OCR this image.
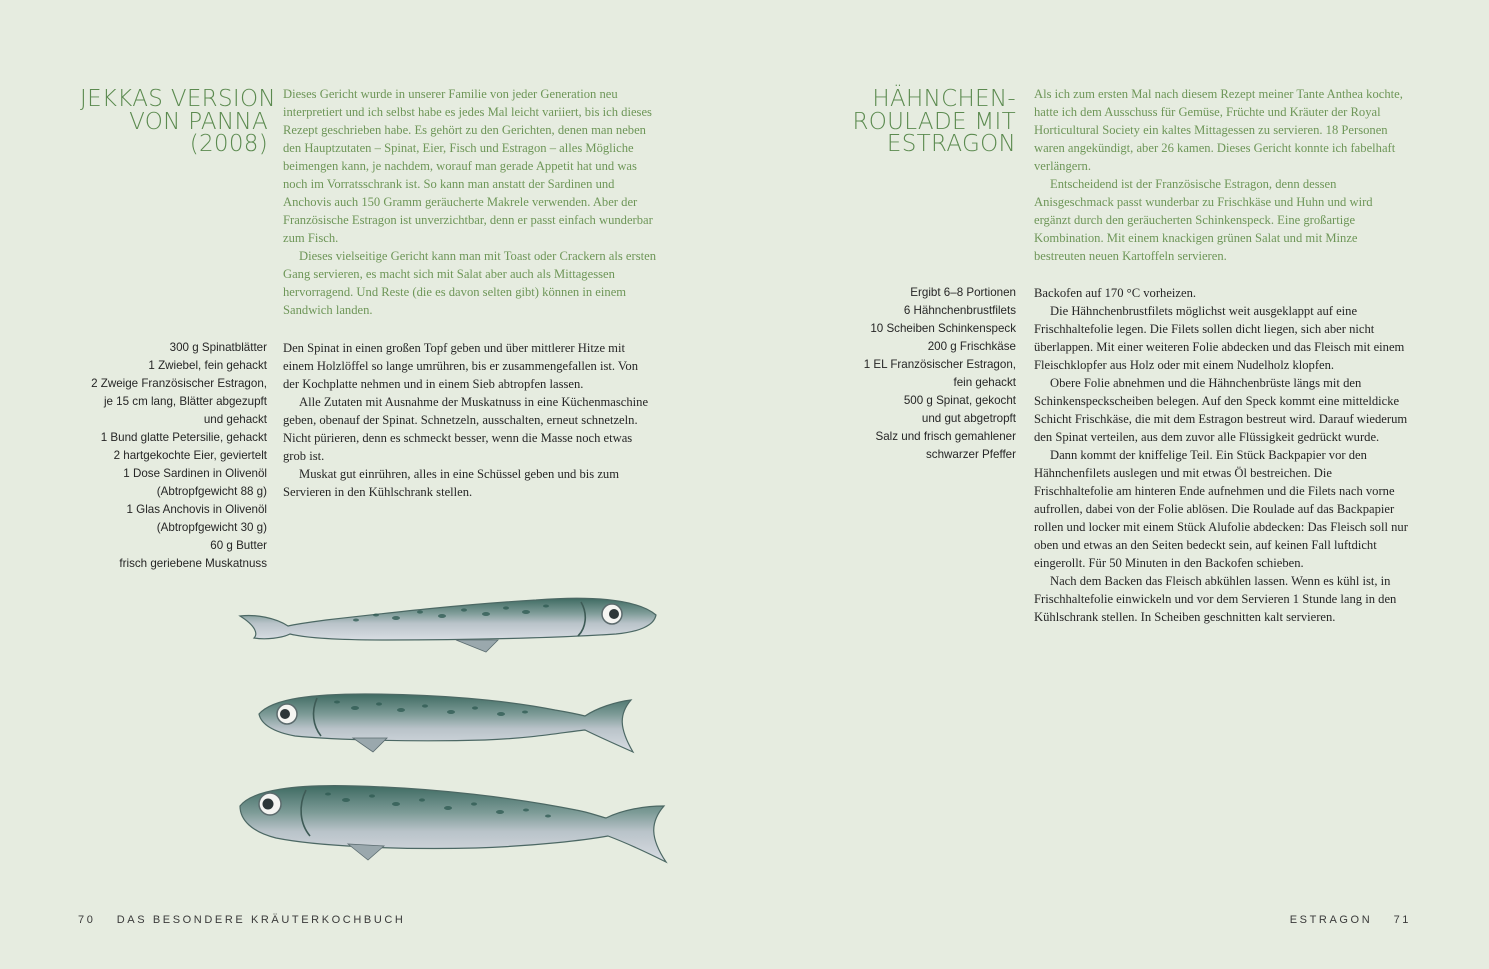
JEKKAS VERSION
VON PANNA
(2008)

Dieses Gericht wurde in unserer Familie von jeder Generation neu interpretiert und ich selbst habe es jedes Mal leicht variiert, bis ich dieses Rezept geschrieben habe. Es gehört zu den Gerichten, denen man neben den Hauptzutaten – Spinat, Eier, Fisch und Estragon – alles Mögliche beimengen kann, je nachdem, worauf man gerade Appetit hat und was noch im Vorratsschrank ist. So kann man anstatt der Sardinen und Anchovis auch 150 Gramm geräucherte Makrele verwenden. Aber der Französische Estragon ist unverzichtbar, denn er passt einfach wunderbar zum Fisch.

Dieses vielseitige Gericht kann man mit Toast oder Crackern als ersten Gang servieren, es macht sich mit Salat aber auch als Mittagessen hervorragend. Und Reste (die es davon selten gibt) können in einem Sandwich landen.

300 g Spinatblätter
1 Zwiebel, fein gehackt
2 Zweige Französischer Estragon,
je 15 cm lang, Blätter abgezupft
und gehackt
1 Bund glatte Petersilie, gehackt
2 hartgekochte Eier, geviertelt
1 Dose Sardinen in Olivenöl
(Abtropfgewicht 88 g)
1 Glas Anchovis in Olivenöl
(Abtropfgewicht 30 g)
60 g Butter
frisch geriebene Muskatnuss

Den Spinat in einen großen Topf geben und über mittlerer Hitze mit einem Holzlöffel so lange umrühren, bis er zusammengefallen ist. Von der Kochplatte nehmen und in einem Sieb abtropfen lassen.

Alle Zutaten mit Ausnahme der Muskatnuss in eine Küchenmaschine geben, obenauf der Spinat. Schnetzeln, ausschalten, erneut schnetzeln. Nicht pürieren, denn es schmeckt besser, wenn die Masse noch etwas grob ist.

Muskat gut einrühren, alles in eine Schüssel geben und bis zum Servieren in den Kühlschrank stellen.

70 DAS BESONDERE KRÄUTERKOCHBUCH
HÄHNCHEN-
ROULADE MIT
ESTRAGON

Als ich zum ersten Mal nach diesem Rezept meiner Tante Anthea kochte, hatte ich dem Ausschuss für Gemüse, Früchte und Kräuter der Royal Horticultural Society ein kaltes Mittagessen zu servieren. 18 Personen waren angekündigt, aber 26 kamen. Dieses Gericht konnte ich fabelhaft verlängern.

Entscheidend ist der Französische Estragon, denn dessen Anisgeschmack passt wunderbar zu Frischkäse und Huhn und wird ergänzt durch den geräucherten Schinkenspeck. Eine großartige Kombination. Mit einem knackigen grünen Salat und mit Minze bestreuten neuen Kartoffeln servieren.

Ergibt 6–8 Portionen
6 Hähnchenbrustfilets
10 Scheiben Schinkenspeck
200 g Frischkäse
1 EL Französischer Estragon,
fein gehackt
500 g Spinat, gekocht
und gut abgetropft
Salz und frisch gemahlener
schwarzer Pfeffer

Backofen auf 170 °C vorheizen.

Die Hähnchenbrustfilets möglichst weit ausgeklappt auf eine Frischhaltefolie legen. Die Filets sollen dicht liegen, sich aber nicht überlappen. Mit einer weiteren Folie abdecken und das Fleisch mit einem Fleischklopfer aus Holz oder mit einem Nudelholz klopfen.

Obere Folie abnehmen und die Hähnchenbrüste längs mit den Schinkenspeckscheiben belegen. Auf den Speck kommt eine mitteldicke Schicht Frischkäse, die mit dem Estragon bestreut wird. Darauf wiederum den Spinat verteilen, aus dem zuvor alle Flüssigkeit gedrückt wurde.

Dann kommt der kniffelige Teil. Ein Stück Backpapier vor den Hähnchenfilets auslegen und mit etwas Öl bestreichen. Die Frischhaltefolie am hinteren Ende aufnehmen und die Filets nach vorne aufrollen, dabei von der Folie ablösen. Die Roulade auf das Backpapier rollen und locker mit einem Stück Alufolie abdecken: Das Fleisch soll nur oben und etwas an den Seiten bedeckt sein, auf keinen Fall luftdicht eingerollt. Für 50 Minuten in den Backofen schieben.

Nach dem Backen das Fleisch abkühlen lassen. Wenn es kühl ist, in Frischhaltefolie einwickeln und vor dem Servieren 1 Stunde lang in den Kühlschrank stellen. In Scheiben geschnitten kalt servieren.

ESTRAGON 71
